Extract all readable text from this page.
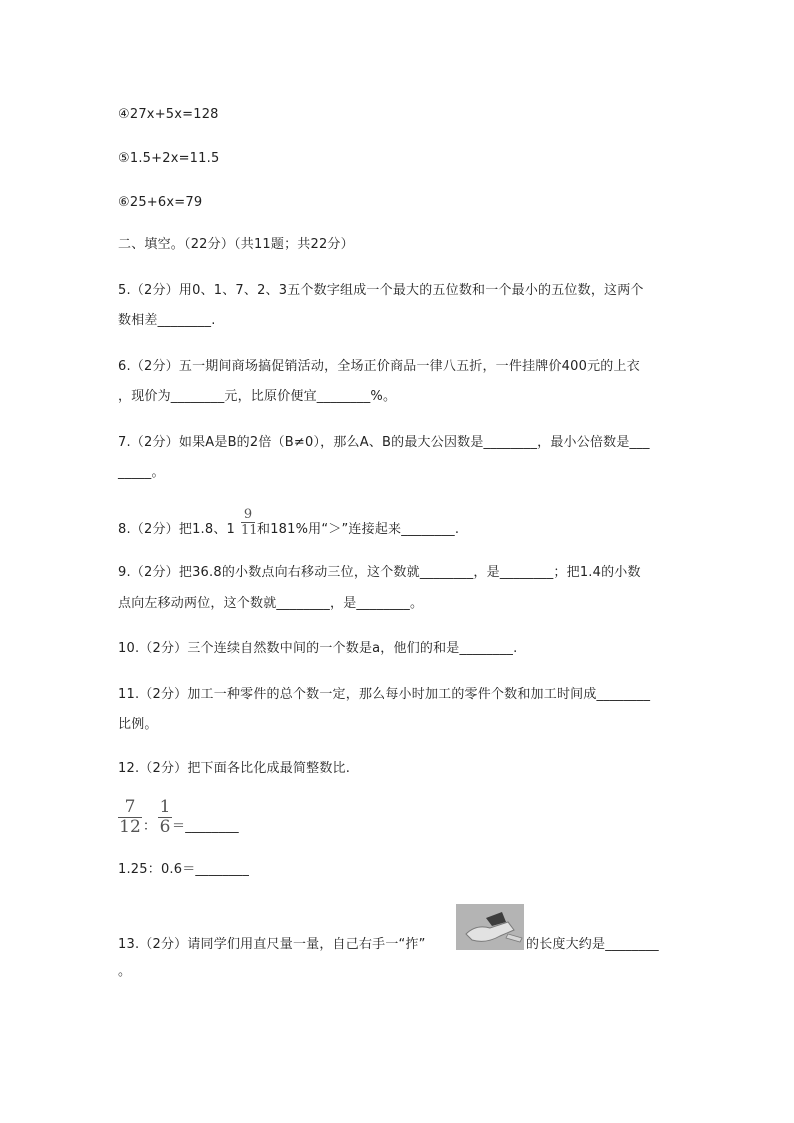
④27x+5x=128
⑤1.5+2x=11.5
⑥25+6x=79
二、填空。（22分）（共11题；共22分）
5.（2分）用0、1、7、2、3五个数字组成一个最大的五位数和一个最小的五位数，这两个
数相差________.
6.（2分）五一期间商场搞促销活动，全场正价商品一律八五折，一件挂牌价400元的上衣
，现价为________元，比原价便宜________%。
7.（2分）如果A是B的2倍（B≠0），那么A、B的最大公因数是________，最小公倍数是___
_____。
8.（2分）把1.8、1
9
11 和181%用“＞”连接起来________.
9.（2分）把36.8的小数点向右移动三位，这个数就________，是________；把1.4的小数
点向左移动两位，这个数就________，是________。
10.（2分）三个连续自然数中间的一个数是a，他们的和是________.
11.（2分）加工一种零件的总个数一定，那么每小时加工的零件个数和加工时间成________
比例。
12.（2分）把下面各比化成最简整数比.
7
12 ：
1
6 ＝________
1.25：0.6＝________
13.（2分）请同学们用直尺量一量，自己右手一“拃”	的长度大约是________
。
